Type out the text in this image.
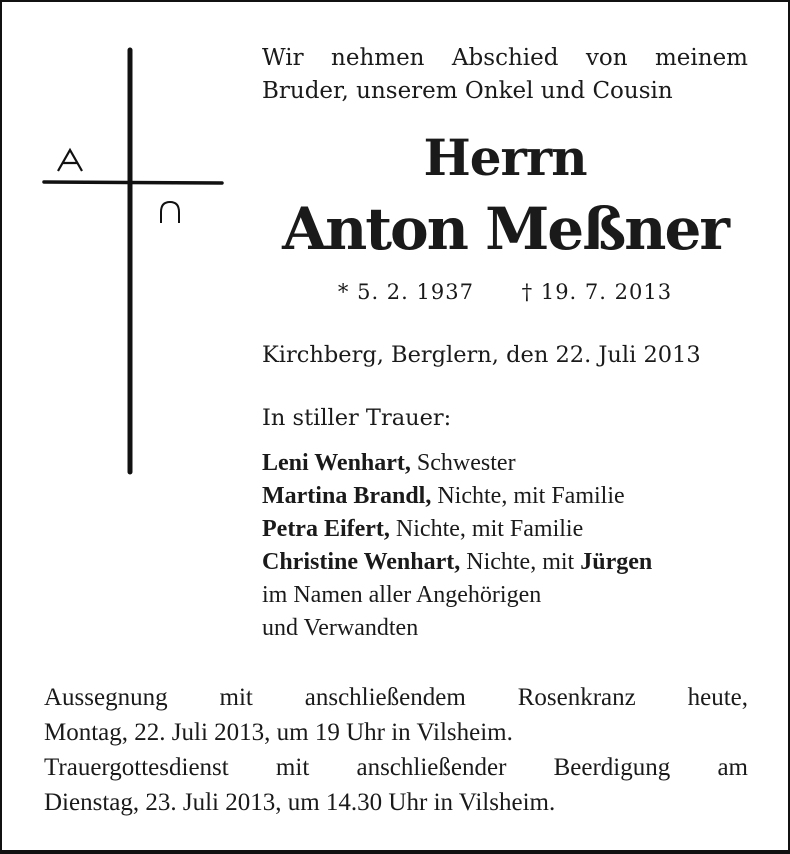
Wir nehmen Abschied von meinem
Bruder, unserem Onkel und Cousin
Herrn
Anton Meßner
* 5. 2. 1937 † 19. 7. 2013
Kirchberg, Berglern, den 22. Juli 2013
In stiller Trauer:
Leni Wenhart, Schwester
Martina Brandl, Nichte, mit Familie
Petra Eifert, Nichte, mit Familie
Christine Wenhart, Nichte, mit Jürgen
im Namen aller Angehörigen
und Verwandten
Aussegnung mit anschließendem Rosenkranz heute,
Montag, 22. Juli 2013, um 19 Uhr in Vilsheim.
Trauergottesdienst mit anschließender Beerdigung am
Dienstag, 23. Juli 2013, um 14.30 Uhr in Vilsheim.
